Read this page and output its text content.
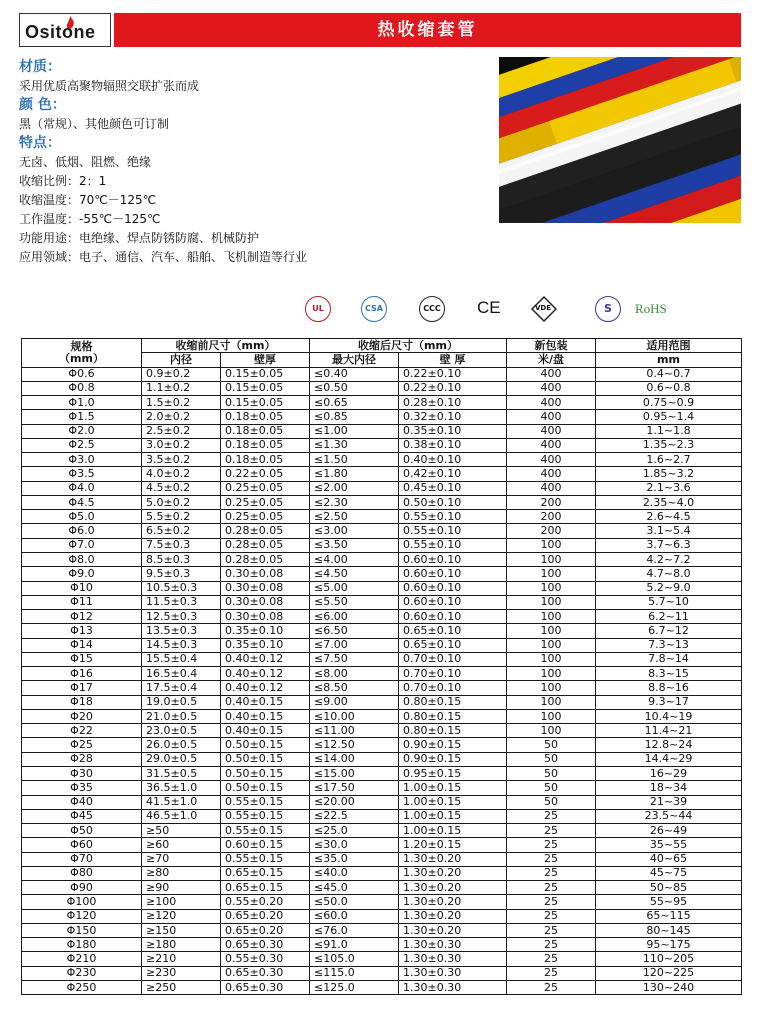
Ositone	热收缩套管
材质：
采用优质高聚物辐照交联扩张而成
颜 色：
黑（常规）、其他颜色可订制
特点：
无卤、低烟、阻燃、绝缘
收缩比例：2：1
收缩温度：70℃－125℃
工作温度：-55℃－125℃
功能用途：电绝缘、焊点防锈防腐、机械防护
应用领域：电子、通信、汽车、船舶、飞机制造等行业
UL	CSA	CCC CE	VDE	S	RoHS
规格
（mm）	收缩前尺寸（mm）		收缩后尺寸（mm）		新包装	适用范围
	内径	壁厚	最大内径	壁 厚	米/盘	mm
Φ0.6	0.9±0.2	0.15±0.05	≤0.40	0.22±0.10	400	0.4~0.7
Φ0.8	1.1±0.2	0.15±0.05	≤0.50	0.22±0.10	400	0.6~0.8
Φ1.0	1.5±0.2	0.15±0.05	≤0.65	0.28±0.10	400	0.75~0.9
Φ1.5	2.0±0.2	0.18±0.05	≤0.85	0.32±0.10	400	0.95~1.4
Φ2.0	2.5±0.2	0.18±0.05	≤1.00	0.35±0.10	400	1.1~1.8
Φ2.5	3.0±0.2	0.18±0.05	≤1.30	0.38±0.10	400	1.35~2.3
Φ3.0	3.5±0.2	0.18±0.05	≤1.50	0.40±0.10	400	1.6~2.7
Φ3.5	4.0±0.2	0.22±0.05	≤1.80	0.42±0.10	400	1.85~3.2
Φ4.0	4.5±0.2	0.25±0.05	≤2.00	0.45±0.10	400	2.1~3.6
Φ4.5	5.0±0.2	0.25±0.05	≤2.30	0.50±0.10	200	2.35~4.0
Φ5.0	5.5±0.2	0.25±0.05	≤2.50	0.55±0.10	200	2.6~4.5
Φ6.0	6.5±0.2	0.28±0.05	≤3.00	0.55±0.10	200	3.1~5.4
Φ7.0	7.5±0.3	0.28±0.05	≤3.50	0.55±0.10	100	3.7~6.3
Φ8.0	8.5±0.3	0.28±0.05	≤4.00	0.60±0.10	100	4.2~7.2
Φ9.0	9.5±0.3	0.30±0.08	≤4.50	0.60±0.10	100	4.7~8.0
Φ10	10.5±0.3	0.30±0.08	≤5.00	0.60±0.10	100	5.2~9.0
Φ11	11.5±0.3	0.30±0.08	≤5.50	0.60±0.10	100	5.7~10
Φ12	12.5±0.3	0.30±0.08	≤6.00	0.60±0.10	100	6.2~11
Φ13	13.5±0.3	0.35±0.10	≤6.50	0.65±0.10	100	6.7~12
Φ14	14.5±0.3	0.35±0.10	≤7.00	0.65±0.10	100	7.3~13
Φ15	15.5±0.4	0.40±0.12	≤7.50	0.70±0.10	100	7.8~14
Φ16	16.5±0.4	0.40±0.12	≤8.00	0.70±0.10	100	8.3~15
Φ17	17.5±0.4	0.40±0.12	≤8.50	0.70±0.10	100	8.8~16
Φ18	19.0±0.5	0.40±0.15	≤9.00	0.80±0.15	100	9.3~17
Φ20	21.0±0.5	0.40±0.15	≤10.00	0.80±0.15	100	10.4~19
Φ22	23.0±0.5	0.40±0.15	≤11.00	0.80±0.15	100	11.4~21
Φ25	26.0±0.5	0.50±0.15	≤12.50	0.90±0.15	50	12.8~24
Φ28	29.0±0.5	0.50±0.15	≤14.00	0.90±0.15	50	14.4~29
Φ30	31.5±0.5	0.50±0.15	≤15.00	0.95±0.15	50	16~29
Φ35	36.5±1.0	0.50±0.15	≤17.50	1.00±0.15	50	18~34
Φ40	41.5±1.0	0.55±0.15	≤20.00	1.00±0.15	50	21~39
Φ45	46.5±1.0	0.55±0.15	≤22.5	1.00±0.15	25	23.5~44
Φ50	≥50	0.55±0.15	≤25.0	1.00±0.15	25	26~49
Φ60	≥60	0.60±0.15	≤30.0	1.20±0.15	25	35~55
Φ70	≥70	0.55±0.15	≤35.0	1.30±0.20	25	40~65
Φ80	≥80	0.65±0.15	≤40.0	1.30±0.20	25	45~75
Φ90	≥90	0.65±0.15	≤45.0	1.30±0.20	25	50~85
Φ100	≥100	0.55±0.20	≤50.0	1.30±0.20	25	55~95
Φ120	≥120	0.65±0.20	≤60.0	1.30±0.20	25	65~115
Φ150	≥150	0.65±0.20	≤76.0	1.30±0.20	25	80~145
Φ180	≥180	0.65±0.30	≤91.0	1.30±0.30	25	95~175
Φ210	≥210	0.55±0.30	≤105.0	1.30±0.30	25	110~205
Φ230	≥230	0.65±0.30	≤115.0	1.30±0.30	25	120~225
Φ250	≥250	0.65±0.30	≤125.0	1.30±0.30	25	130~240
